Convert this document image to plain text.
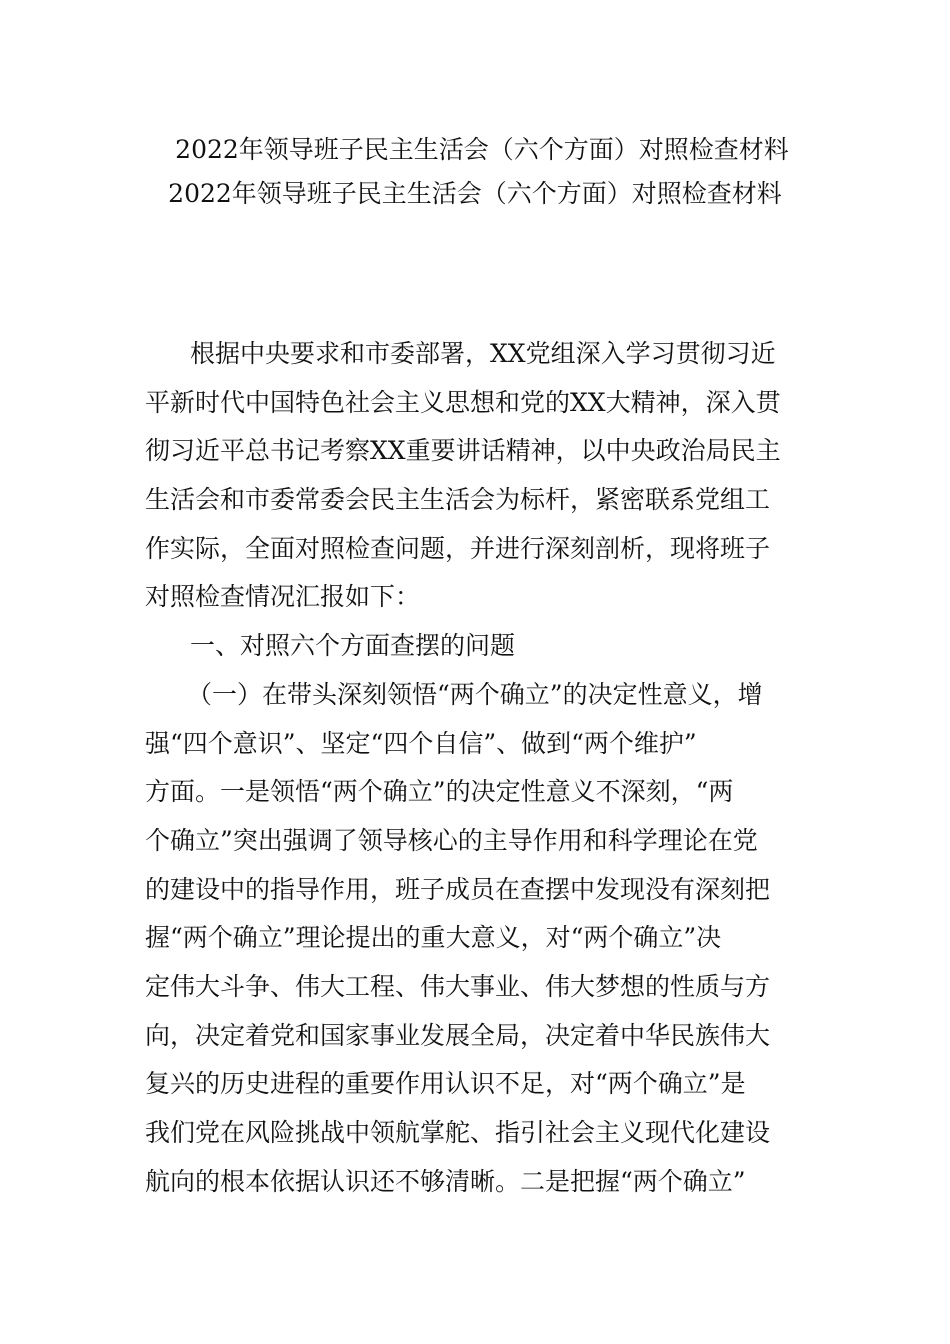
2022年领导班子民主生活会（六个方面）对照检查材料
2022年领导班子民主生活会（六个方面）对照检查材料
根据中央要求和市委部署，XX党组深入学习贯彻习近
平新时代中国特色社会主义思想和党的XX大精神，深入贯
彻习近平总书记考察XX重要讲话精神，以中央政治局民主
生活会和市委常委会民主生活会为标杆，紧密联系党组工
作实际，全面对照检查问题，并进行深刻剖析，现将班子
对照检查情况汇报如下：
一、对照六个方面查摆的问题
（一）在带头深刻领悟“两个确立”的决定性意义，增
强“四个意识”、坚定“四个自信”、做到“两个维护”
方面。一是领悟“两个确立”的决定性意义不深刻，“两
个确立”突出强调了领导核心的主导作用和科学理论在党
的建设中的指导作用，班子成员在查摆中发现没有深刻把
握“两个确立”理论提出的重大意义，对“两个确立”决
定伟大斗争、伟大工程、伟大事业、伟大梦想的性质与方
向，决定着党和国家事业发展全局，决定着中华民族伟大
复兴的历史进程的重要作用认识不足，对“两个确立”是
我们党在风险挑战中领航掌舵、指引社会主义现代化建设
航向的根本依据认识还不够清晰。二是把握“两个确立”
